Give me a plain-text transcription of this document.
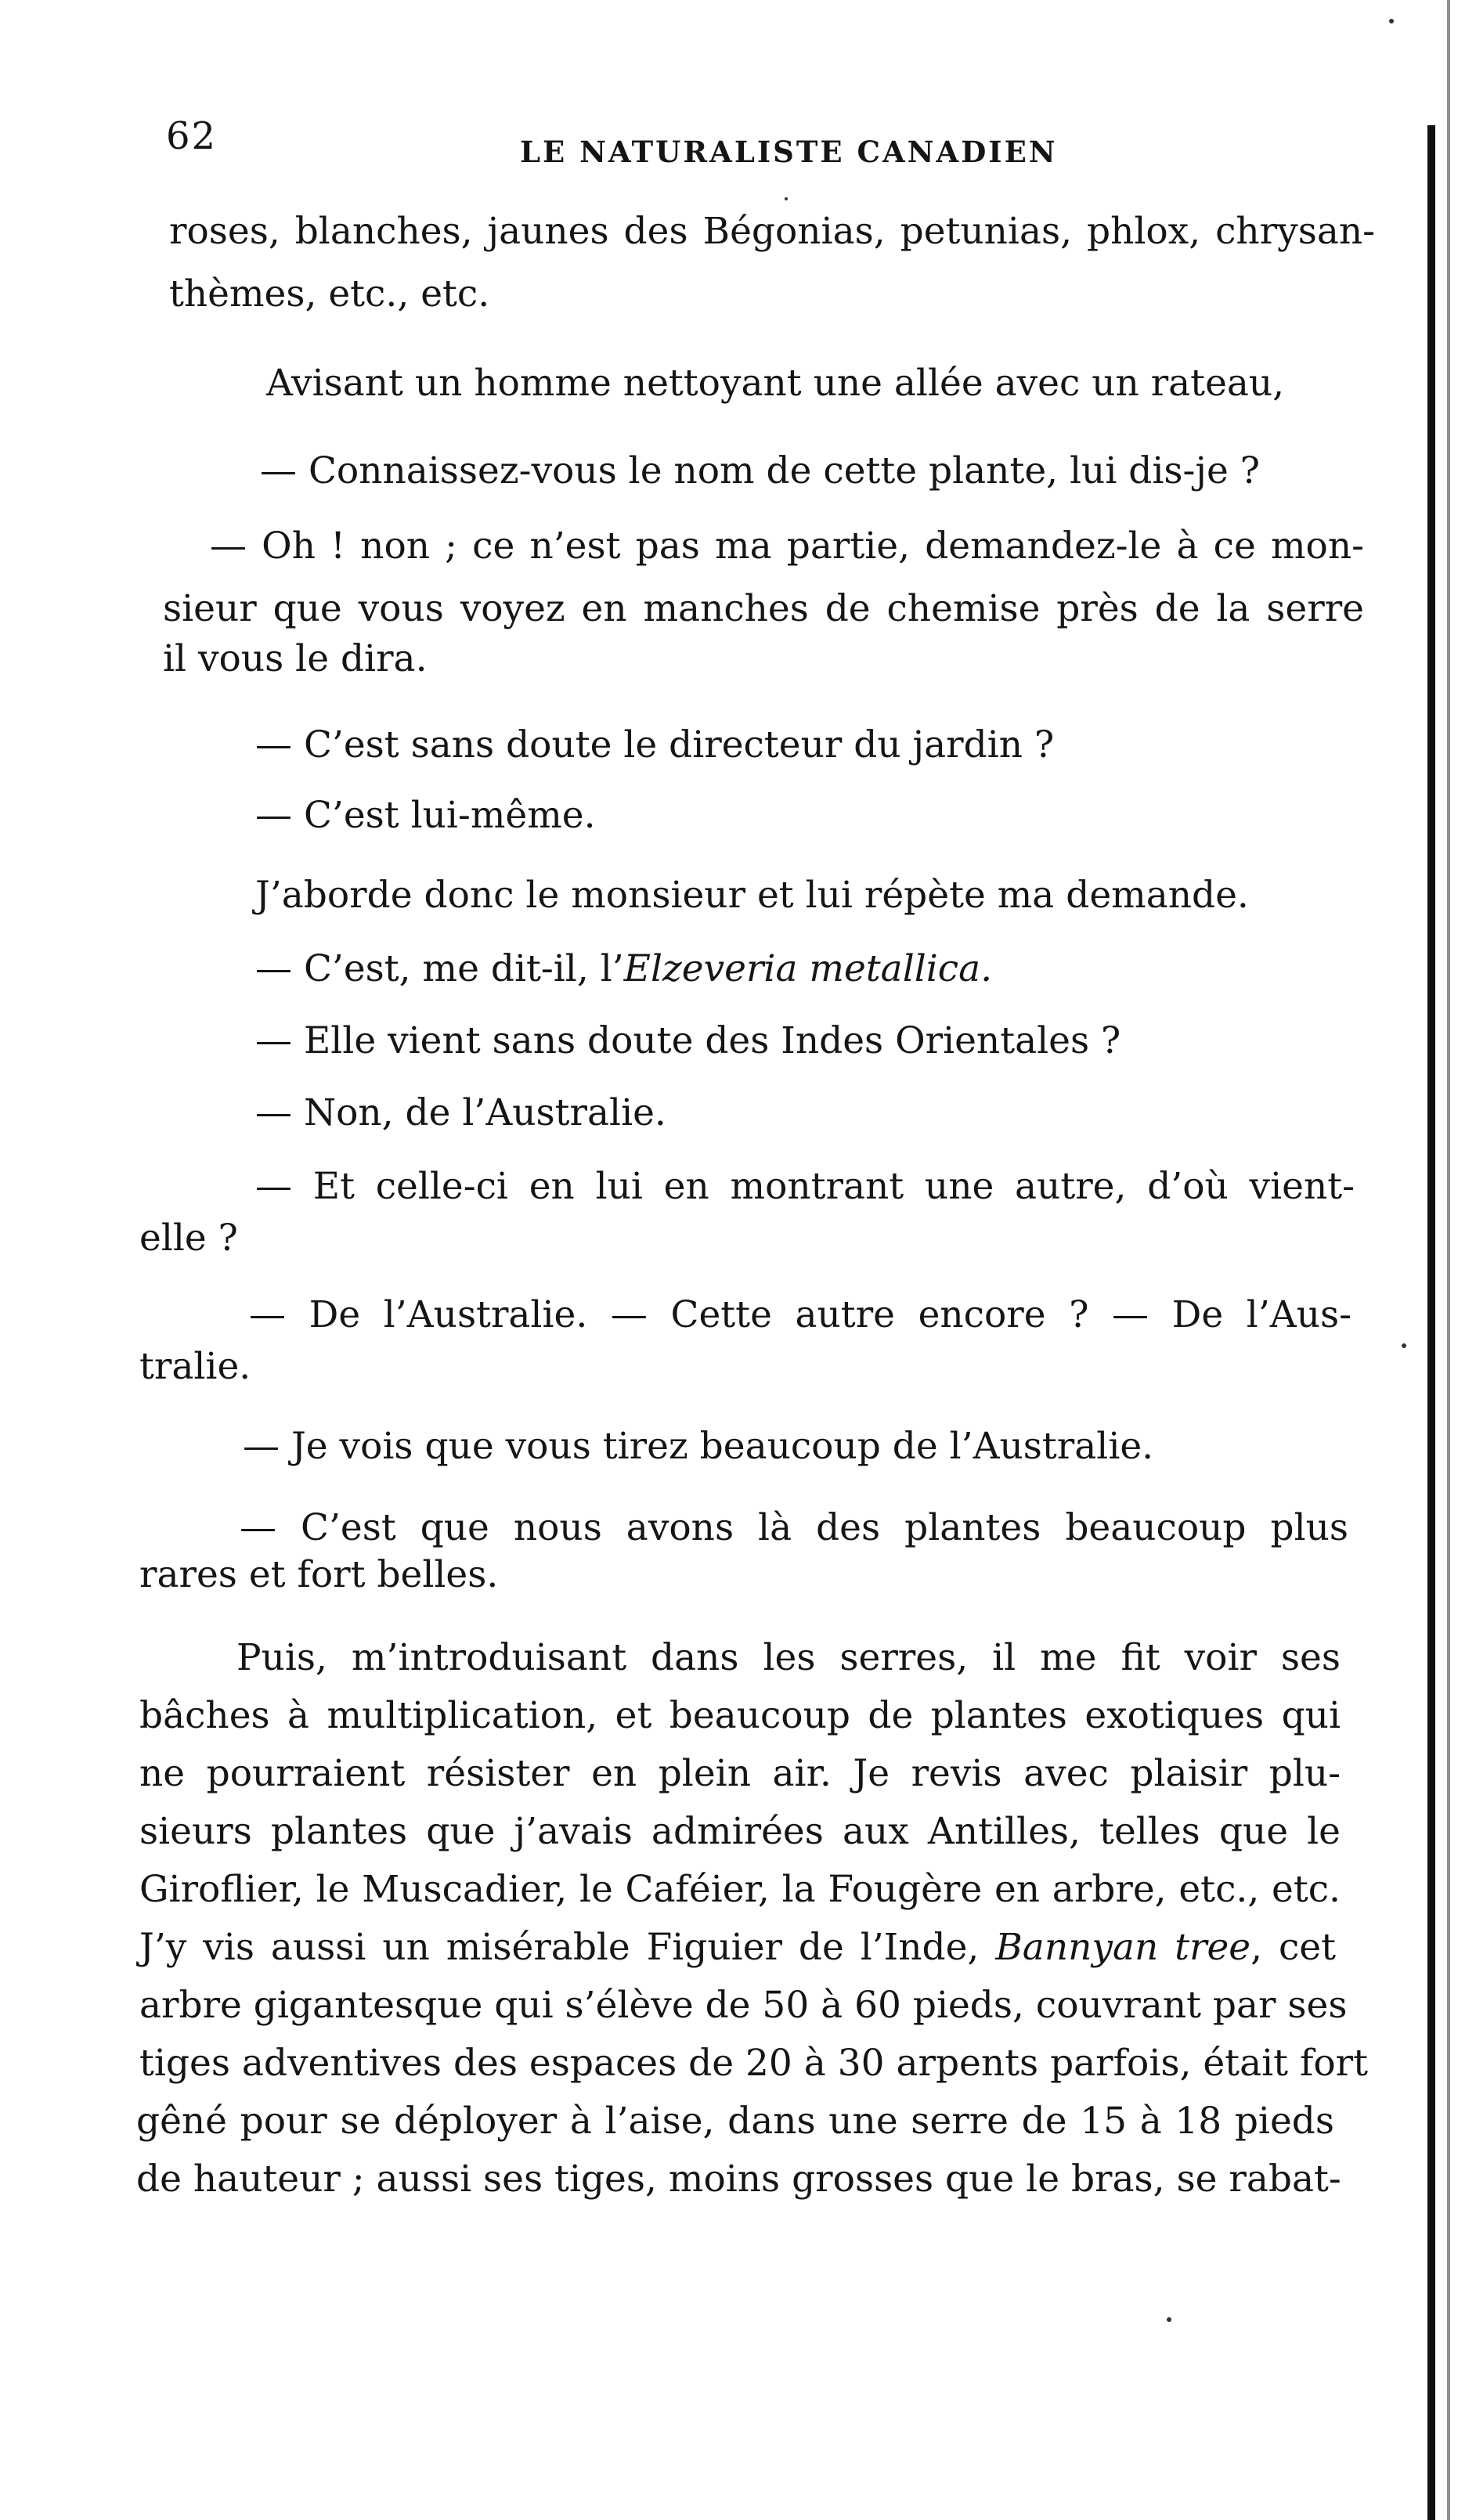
62	LE NATURALISTE CANADIEN
roses, blanches, jaunes des Bégonias, petunias, phlox, chrysan-
thèmes, etc., etc.
Avisant un homme nettoyant une allée avec un rateau,
— Connaissez-vous le nom de cette plante, lui dis-je ?
— Oh ! non ; ce n’est pas ma partie, demandez-le à ce mon-
sieur que vous voyez en manches de chemise près de la serre
il vous le dira.
— C’est sans doute le directeur du jardin ?
— C’est lui-même.
J’aborde donc le monsieur et lui répète ma demande.
— C’est, me dit-il, l’Elzeveria metallica.
— Elle vient sans doute des Indes Orientales ?
— Non, de l’Australie.
— Et celle-ci en lui en montrant une autre, d’où vient-
elle ?
— De l’Australie. — Cette autre encore ? — De l’Aus-
tralie.
— Je vois que vous tirez beaucoup de l’Australie.
— C’est que nous avons là des plantes beaucoup plus
rares et fort belles.
Puis, m’introduisant dans les serres, il me fit voir ses
bâches à multiplication, et beaucoup de plantes exotiques qui
ne pourraient résister en plein air. Je revis avec plaisir plu-
sieurs plantes que j’avais admirées aux Antilles, telles que le
Giroflier, le Muscadier, le Caféier, la Fougère en arbre, etc., etc.
J’y vis aussi un misérable Figuier de l’Inde, Bannyan tree, cet
arbre gigantesque qui s’élève de 50 à 60 pieds, couvrant par ses
tiges adventives des espaces de 20 à 30 arpents parfois, était fort
gêné pour se déployer à l’aise, dans une serre de 15 à 18 pieds
de hauteur ; aussi ses tiges, moins grosses que le bras, se rabat-
